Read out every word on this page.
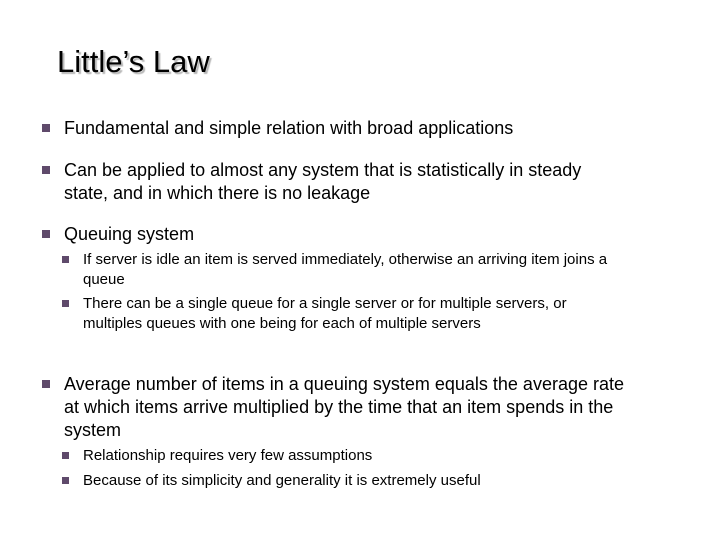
Little’s Law
Fundamental and simple relation with broad applications
Can be applied to almost any system that is statistically in steady state, and in which there is no leakage
Queuing system
If server is idle an item is served immediately, otherwise an arriving item joins a queue
There can be a single queue for a single server or for multiple servers, or multiples queues with one being for each of multiple servers
Average number of items in a queuing system equals the average rate at which items arrive multiplied by the time that an item spends in the system
Relationship requires very few assumptions
Because of its simplicity and generality it is extremely useful
